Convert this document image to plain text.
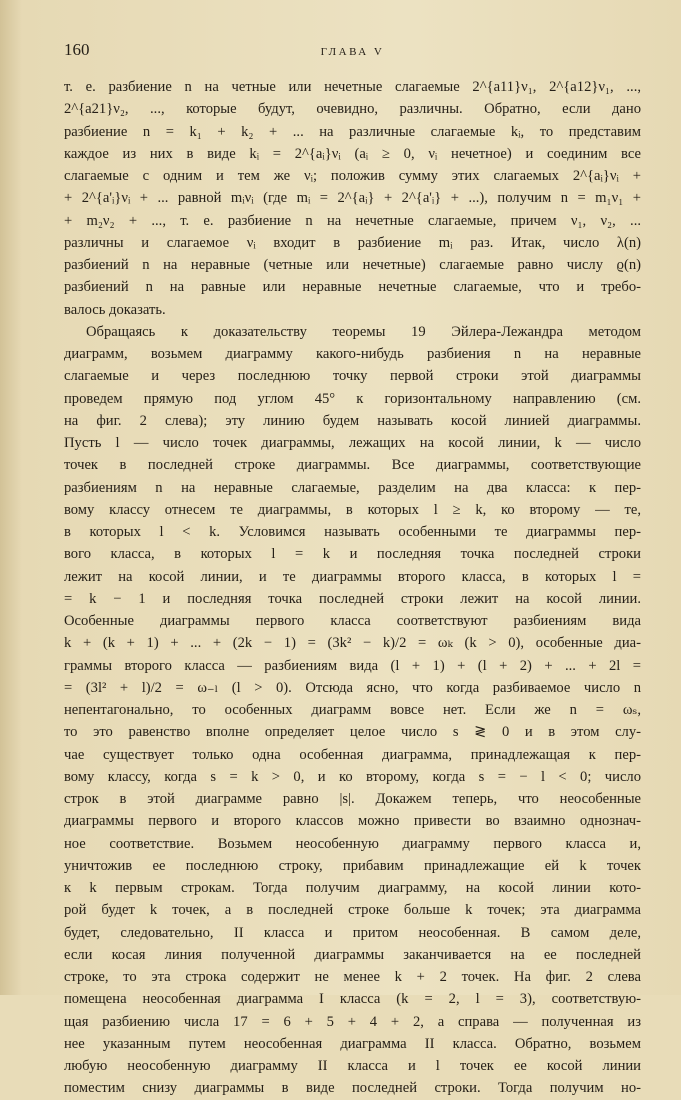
160	ГЛАВА V
т. е. разбиение n на четные или нечетные слагаемые 2^{a11}ν₁, 2^{a12}ν₁, ...,
2^{a21}ν₂, ..., которые будут, очевидно, различны. Обратно, если дано
разбиение n = k₁ + k₂ + ... на различные слагаемые kᵢ, то представим
каждое из них в виде kᵢ = 2^{aᵢ}νᵢ (aᵢ ≥ 0, νᵢ нечетное) и соединим все
слагаемые с одним и тем же νᵢ; положив сумму этих слагаемых 2^{aᵢ}νᵢ +
+ 2^{a'ᵢ}νᵢ + ... равной mᵢνᵢ (где mᵢ = 2^{aᵢ} + 2^{a'ᵢ} + ...), получим n = m₁ν₁ +
+ m₂ν₂ + ..., т. е. разбиение n на нечетные слагаемые, причем ν₁, ν₂, ...
различны и слагаемое νᵢ входит в разбиение mᵢ раз. Итак, число λ(n)
разбиений n на неравные (четные или нечетные) слагаемые равно числу ϱ(n)
разбиений n на равные или неравные нечетные слагаемые, что и требо-
валось доказать.
Обращаясь к доказательству теоремы 19 Эйлера-Лежандра методом
диаграмм, возьмем диаграмму какого-нибудь разбиения n на неравные
слагаемые и через последнюю точку первой строки этой диаграммы
проведем прямую под углом 45° к горизонтальному направлению (см.
на фиг. 2 слева); эту линию будем называть косой линией диаграммы.
Пусть l — число точек диаграммы, лежащих на косой линии, k — число
точек в последней строке диаграммы. Все диаграммы, соответствующие
разбиениям n на неравные слагаемые, разделим на два класса: к пер-
вому классу отнесем те диаграммы, в которых l ≥ k, ко второму — те,
в которых l < k. Условимся называть особенными те диаграммы пер-
вого класса, в которых l = k и последняя точка последней строки
лежит на косой линии, и те диаграммы второго класса, в которых l =
= k − 1 и последняя точка последней строки лежит на косой линии.
Особенные диаграммы первого класса соответствуют разбиениям вида
k + (k + 1) + ... + (2k − 1) = (3k² − k)/2 = ωₖ (k > 0), особенные диа-
граммы второго класса — разбиениям вида (l + 1) + (l + 2) + ... + 2l =
= (3l² + l)/2 = ω₋ₗ (l > 0). Отсюда ясно, что когда разбиваемое число n
непентагонально, то особенных диаграмм вовсе нет. Если же n = ωₛ,
то это равенство вполне определяет целое число s ≷ 0 и в этом слу-
чае существует только одна особенная диаграмма, принадлежащая к пер-
вому классу, когда s = k > 0, и ко второму, когда s = − l < 0; число
строк в этой диаграмме равно |s|. Докажем теперь, что неособенные
диаграммы первого и второго классов можно привести во взаимно однознач-
ное соответствие. Возьмем неособенную диаграмму первого класса и,
уничтожив ее последнюю строку, прибавим принадлежащие ей k точек
к k первым строкам. Тогда получим диаграмму, на косой линии кото-
рой будет k точек, а в последней строке больше k точек; эта диаграмма
будет, следовательно, II класса и притом неособенная. В самом деле,
если косая линия полученной диаграммы заканчивается на ее последней
строке, то эта строка содержит не менее k + 2 точек. На фиг. 2 слева
помещена неособенная диаграмма I класса (k = 2, l = 3), соответствую-
щая разбиению числа 17 = 6 + 5 + 4 + 2, а справа — полученная из
нее указанным путем неособенная диаграмма II класса. Обратно, возьмем
любую неособенную диаграмму II класса и l точек ее косой линии
поместим снизу диаграммы в виде последней строки. Тогда получим но-
